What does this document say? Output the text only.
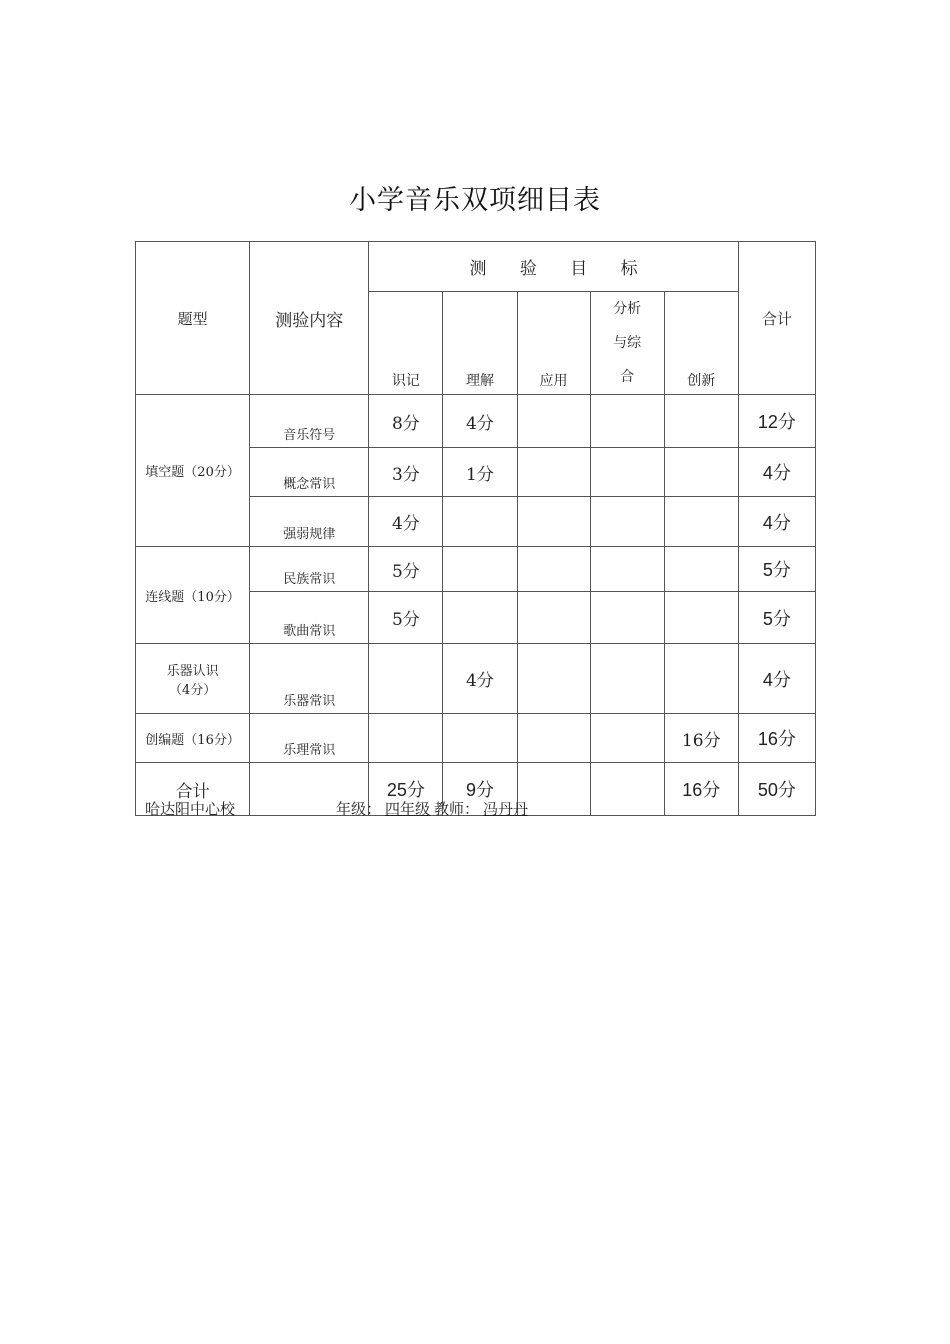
小学音乐双项细目表
题型	测验内容	测 验 目 标					合计
		识记	理解	应用	分析与综合	创新	
填空题（20分）	音乐符号	8分	4分				12分
	概念常识	3分	1分				4分
	强弱规律	4分					4分
连线题（10分）	民族常识	5分					5分
	歌曲常识	5分					5分
乐器认识（4分）	乐器常识		4分				4分
创编题（16分）	乐理常识					16分	16分
合计		25分	9分			16分	50分
哈达阳中心校	年级： 四年级 教师： 冯丹丹
